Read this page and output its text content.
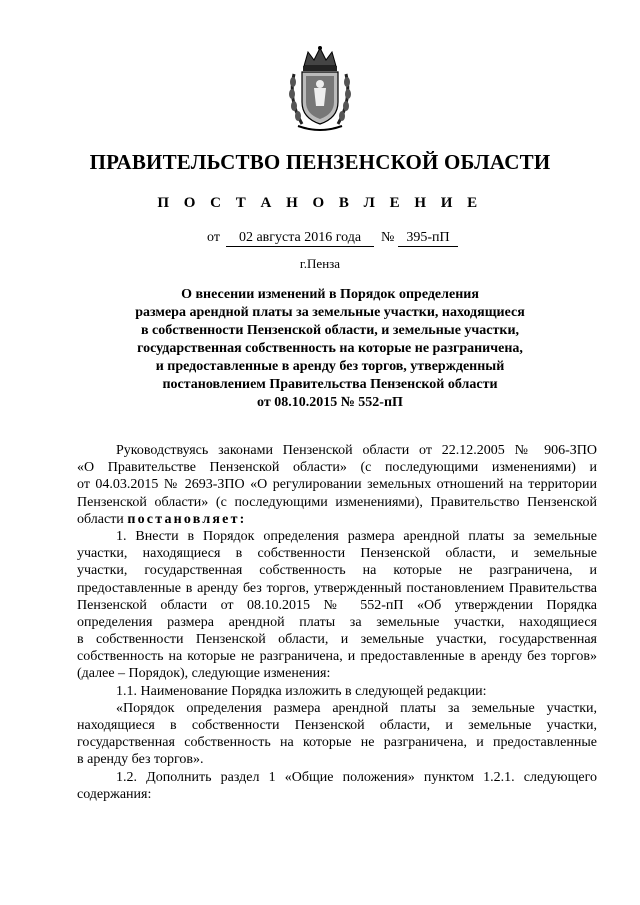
ПРАВИТЕЛЬСТВО ПЕНЗЕНСКОЙ ОБЛАСТИ
П О С Т А Н О В Л Е Н И Е
от	02 августа 2016 года	№ 395-пП
г.Пенза
О внесении изменений в Порядок определения
размера арендной платы за земельные участки, находящиеся
в собственности Пензенской области, и земельные участки,
государственная собственность на которые не разграничена,
и предоставленные в аренду без торгов, утвержденный
постановлением Правительства Пензенской области
от 08.10.2015 № 552-пП
Руководствуясь законами Пензенской области от 22.12.2005 № 906-ЗПО
«О Правительстве Пензенской области» (с последующими изменениями) и
от 04.03.2015 № 2693-ЗПО «О регулировании земельных отношений на территории
Пензенской области» (с последующими изменениями), Правительство Пензенской
области постановляет:
1. Внести в Порядок определения размера арендной платы за земельные
участки, находящиеся в собственности Пензенской области, и земельные
участки, государственная собственность на которые не разграничена, и
предоставленные в аренду без торгов, утвержденный постановлением Правительства
Пензенской области от 08.10.2015 № 552-пП «Об утверждении Порядка
определения размера арендной платы за земельные участки, находящиеся
в собственности Пензенской области, и земельные участки, государственная
собственность на которые не разграничена, и предоставленные в аренду без торгов»
(далее – Порядок), следующие изменения:
1.1. Наименование Порядка изложить в следующей редакции:
«Порядок определения размера арендной платы за земельные участки,
находящиеся в собственности Пензенской области, и земельные участки,
государственная собственность на которые не разграничена, и предоставленные
в аренду без торгов».
1.2. Дополнить раздел 1 «Общие положения» пунктом 1.2.1. следующего
содержания:
